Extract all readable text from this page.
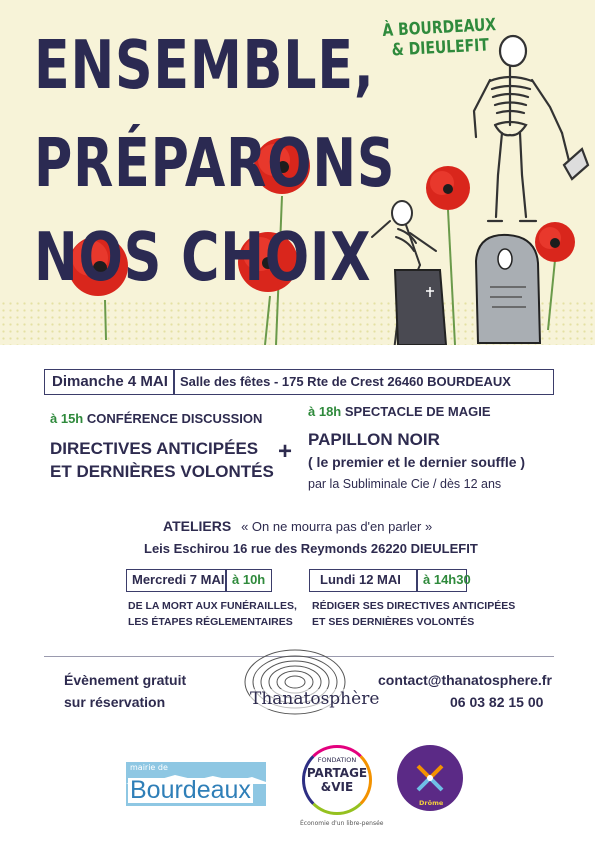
ENSEMBLE,
PRÉPARONS
NOS CHOIX
À BOURDEAUX
& DIEULEFIT
Dimanche 4 MAI Salle des fêtes - 175 Rte de Crest 26460 BOURDEAUX
à 15h CONFÉRENCE DISCUSSION
DIRECTIVES ANTICIPÉES
ET DERNIÈRES VOLONTÉS
+
à 18h SPECTACLE DE MAGIE
PAPILLON NOIR
( le premier et le dernier souffle )
par la Subliminale Cie / dès 12 ans
ATELIERS « On ne mourra pas d'en parler »
Leis Eschirou 16 rue des Reymonds 26220 DIEULEFIT
Mercredi 7 MAI à 10h
DE LA MORT AUX FUNÉRAILLES,
LES ÉTAPES RÉGLEMENTAIRES
Lundi 12 MAI à 14h30
RÉDIGER SES DIRECTIVES ANTICIPÉES
ET SES DERNIÈRES VOLONTÉS
Évènement gratuit
sur réservation	Thanatosphère
contact@thanatosphere.fr
06 03 82 15 00
mairie de
Bourdeaux
FONDATION
PARTAGE
&VIE
Économie d'un libre-pensée
Drôme
